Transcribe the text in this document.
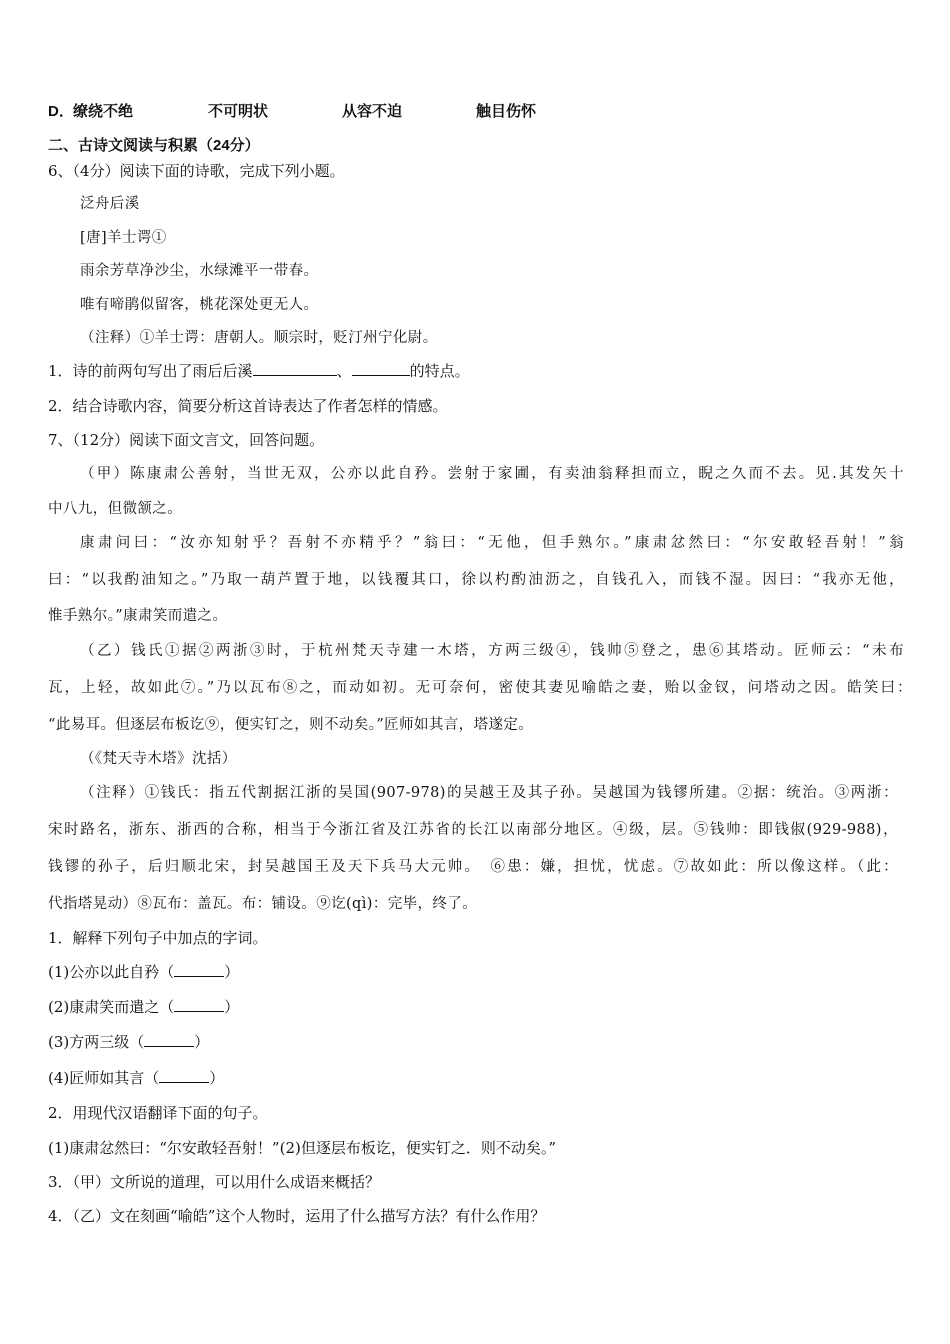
D． 缭绕不绝	不可明状	从容不迫	触目伤怀
二、古诗文阅读与积累（24分）
6、（4分）阅读下面的诗歌，完成下列小题。
泛舟后溪
[唐]羊士谔①
雨余芳草净沙尘，水绿滩平一带春。
唯有啼鹃似留客，桃花深处更无人。
（注释）①羊士谔：唐朝人。顺宗时，贬汀州宁化尉。
1．诗的前两句写出了雨后后溪	、	的特点。
2．结合诗歌内容，简要分析这首诗表达了作者怎样的情感。
7、（12分）阅读下面文言文，回答问题。
（甲）陈康肃公善射，当世无双，公亦以此自矜。尝射于家圃，有卖油翁释担而立，睨之久而不去。见.其发矢十
中八九，但微颔之。
康肃问曰：“汝亦知射乎？吾射不亦精乎？”翁曰：“无他，但手熟尔。”康肃忿然曰：“尔安敢轻吾射！”翁
曰：“以我酌油知之。”乃取一葫芦置于地，以钱覆其口，徐以杓酌油沥之，自钱孔入，而钱不湿。因曰：“我亦无他，
惟手熟尔。”康肃笑而遣之。
（乙）钱氏①据②两浙③时，于杭州梵天寺建一木塔，方两三级④，钱帅⑤登之，患⑥其塔动。匠师云：“未布
瓦，上轻，故如此⑦。”乃以瓦布⑧之，而动如初。无可奈何，密使其妻见喻皓之妻，贻以金钗，问塔动之因。皓笑曰：
“此易耳。但逐层布板讫⑨，便实钉之，则不动矣。”匠师如其言，塔遂定。
（《梵天寺木塔》沈括）
（注释）①钱氏：指五代割据江浙的吴国(907-978)的吴越王及其子孙。吴越国为钱镠所建。②据：统治。③两浙：
宋时路名，浙东、浙西的合称，相当于今浙江省及江苏省的长江以南部分地区。④级，层。⑤钱帅：即钱俶(929-988)，
钱镠的孙子，后归顺北宋，封吴越国王及天下兵马大元帅。　⑥患：嫌，担忧，忧虑。⑦故如此：所以像这样。（此：
代指塔晃动）⑧瓦布：盖瓦。布：铺设。⑨讫(qì)：完毕，终了。
1．解释下列句子中加点的字词。
(1)公亦以此自矜（	）
(2)康肃笑而遣之（	）
(3)方两三级（	）
(4)匠师如其言（	）
2．用现代汉语翻译下面的句子。
(1)康肃忿然曰：“尔安敢轻吾射！”(2)但逐层布板讫，便实钉之．则不动矣。”
3．（甲）文所说的道理，可以用什么成语来概括？
4．（乙）文在刻画“喻皓”这个人物时，运用了什么描写方法？有什么作用？
